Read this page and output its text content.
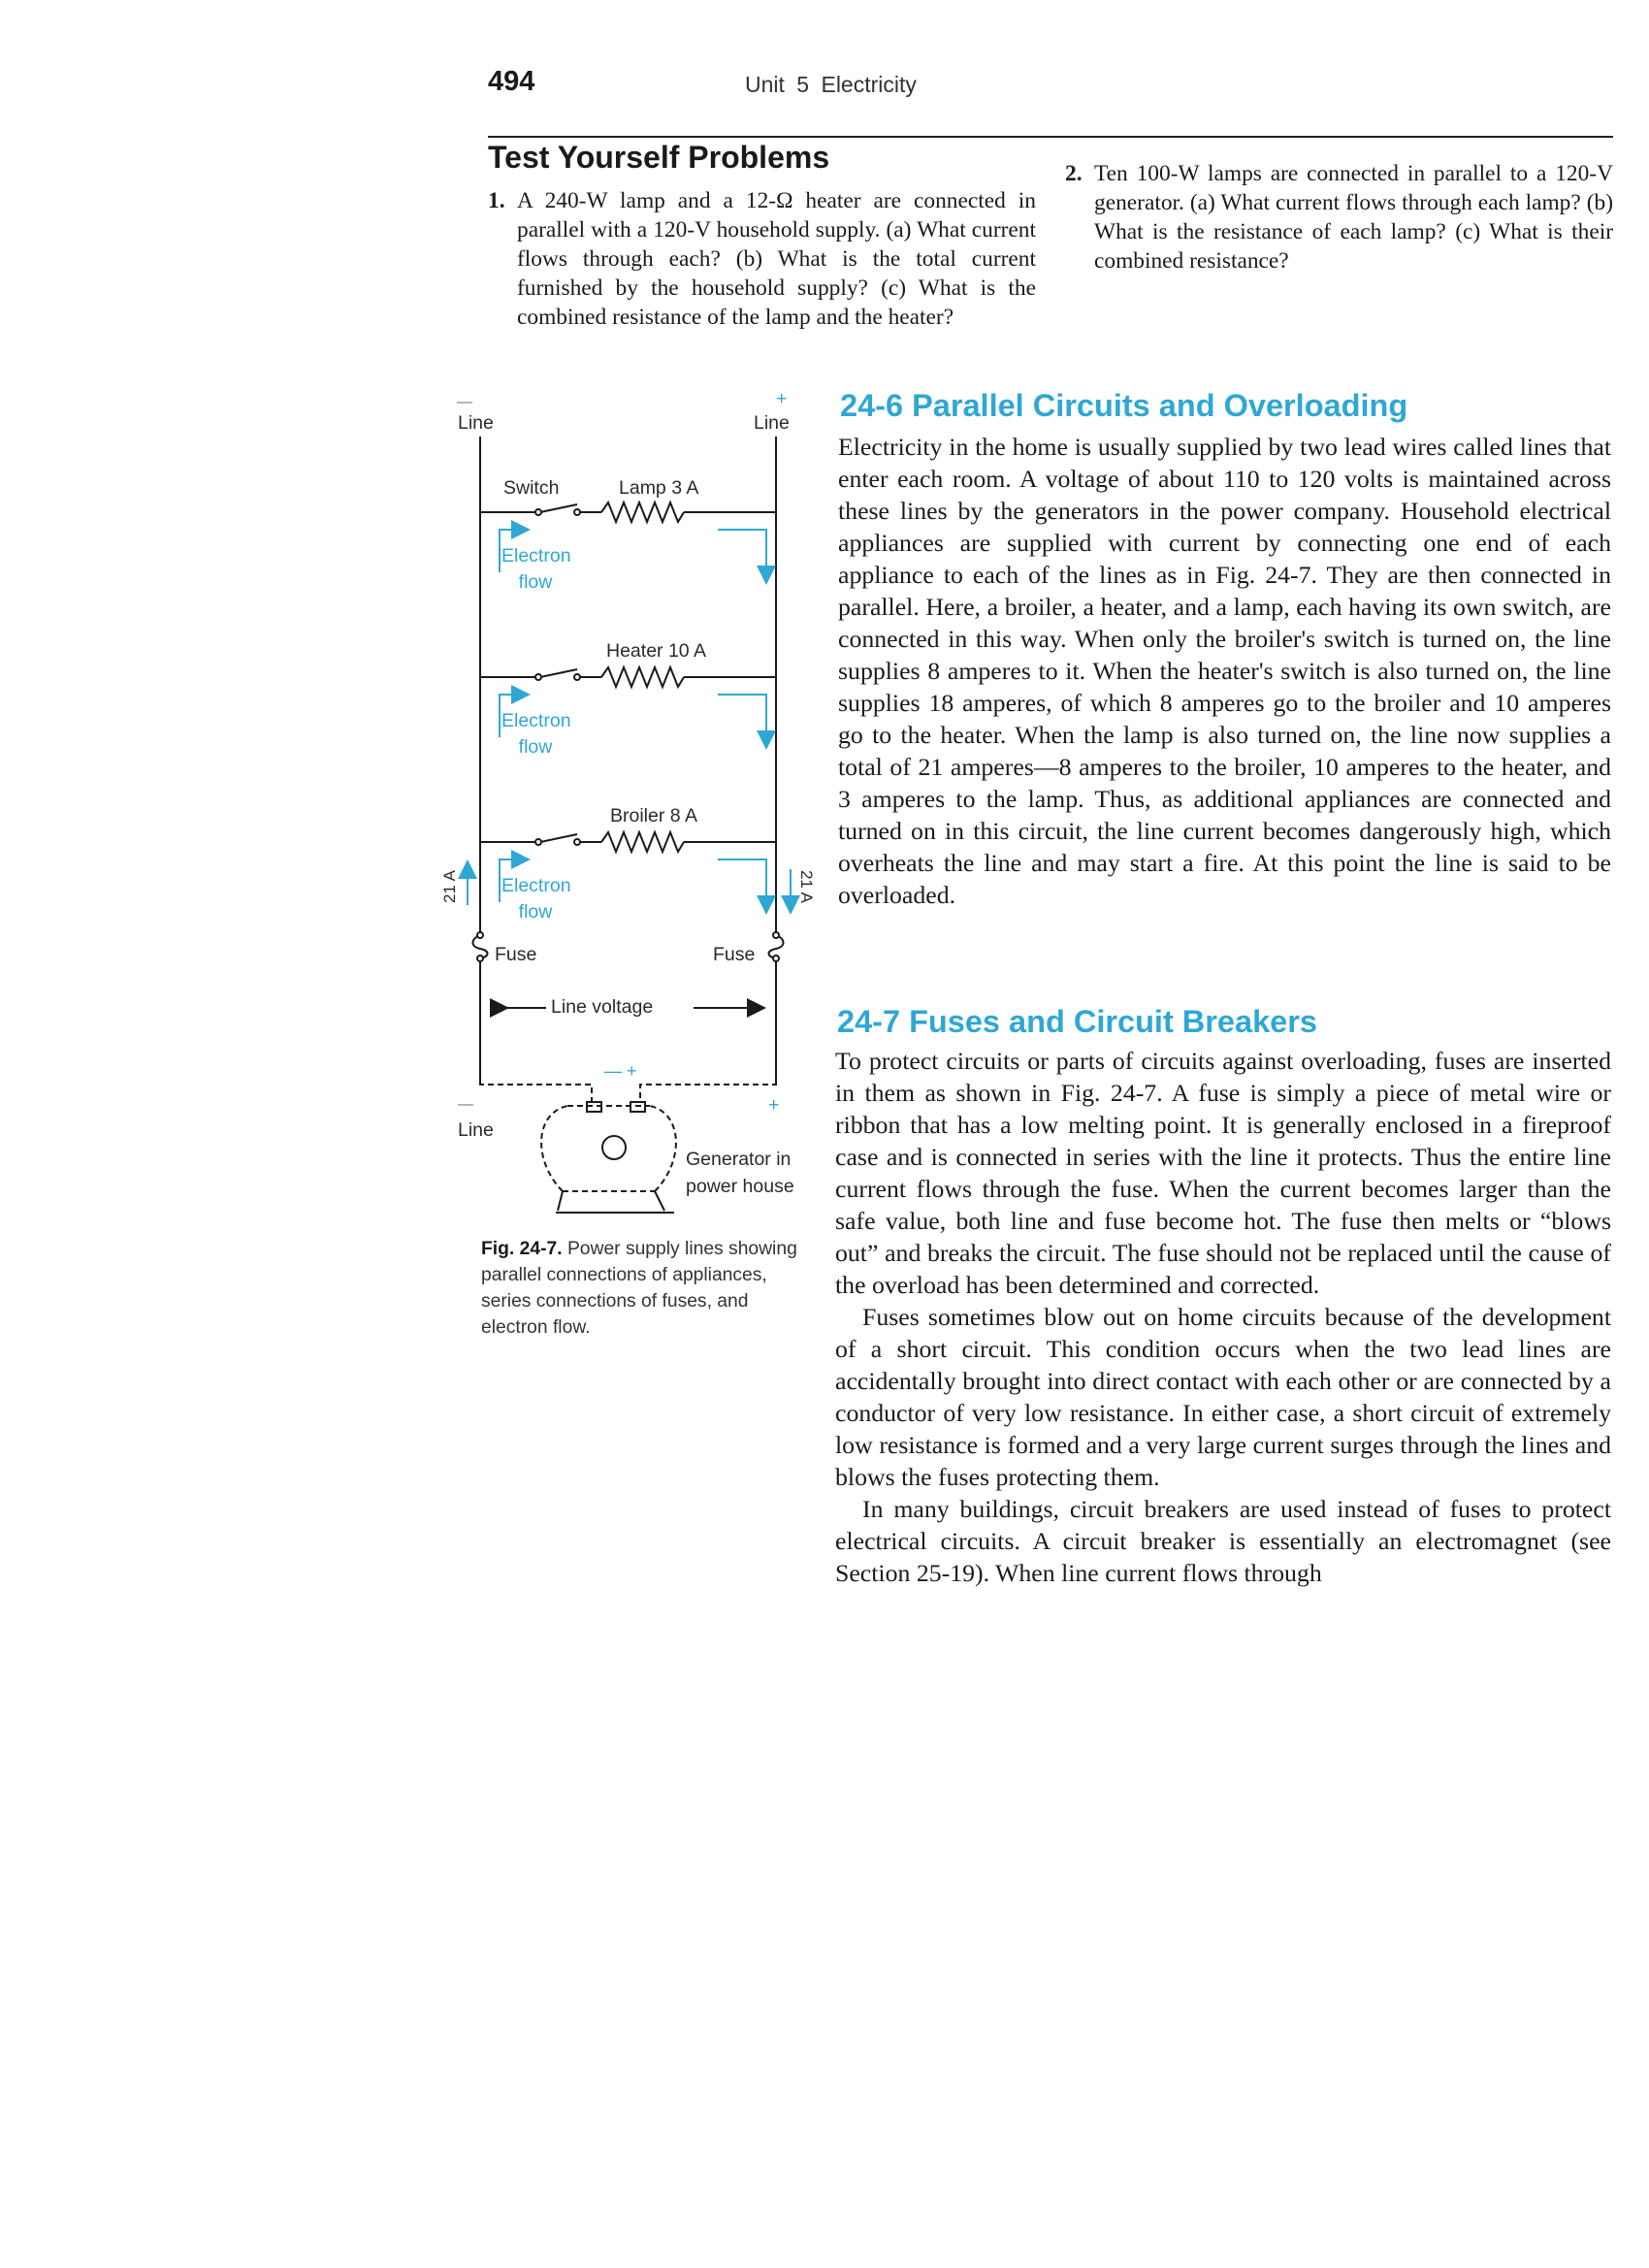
494	Unit 5 Electricity
Test Yourself Problems
1. A 240-W lamp and a 12-Ω heater are connected in parallel with a 120-V household supply. (a) What current flows through each? (b) What is the total current furnished by the household supply? (c) What is the combined resistance of the lamp and the heater?
2. Ten 100-W lamps are connected in parallel to a 120-V generator. (a) What current flows through each lamp? (b) What is the resistance of each lamp? (c) What is their combined resistance?
—	+
Line	Line
Switch	Lamp 3 A
Electron
flow
Heater 10 A
Electron
flow
Broiler 8 A
Electron
flow
21 A	21 A
Fuse	Fuse
Line voltage
— +
—	+
Line
Generator in
power house
Fig. 24-7. Power supply lines showing parallel connections of appliances, series connections of fuses, and electron flow.
24-6 Parallel Circuits and Overloading

Electricity in the home is usually supplied by two lead wires called lines that enter each room. A voltage of about 110 to 120 volts is maintained across these lines by the generators in the power company. Household electrical appliances are supplied with current by connecting one end of each appliance to each of the lines as in Fig. 24-7. They are then connected in parallel. Here, a broiler, a heater, and a lamp, each having its own switch, are connected in this way. When only the broiler's switch is turned on, the line supplies 8 amperes to it. When the heater's switch is also turned on, the line supplies 18 amperes, of which 8 amperes go to the broiler and 10 amperes go to the heater. When the lamp is also turned on, the line now supplies a total of 21 amperes—8 amperes to the broiler, 10 amperes to the heater, and 3 amperes to the lamp. Thus, as additional appliances are connected and turned on in this circuit, the line current becomes dangerously high, which overheats the line and may start a fire. At this point the line is said to be overloaded.

24-7 Fuses and Circuit Breakers

To protect circuits or parts of circuits against overloading, fuses are inserted in them as shown in Fig. 24-7. A fuse is simply a piece of metal wire or ribbon that has a low melting point. It is generally enclosed in a fireproof case and is connected in series with the line it protects. Thus the entire line current flows through the fuse. When the current becomes larger than the safe value, both line and fuse become hot. The fuse then melts or “blows out” and breaks the circuit. The fuse should not be replaced until the cause of the overload has been determined and corrected.

Fuses sometimes blow out on home circuits because of the development of a short circuit. This condition occurs when the two lead lines are accidentally brought into direct contact with each other or are connected by a conductor of very low resistance. In either case, a short circuit of extremely low resistance is formed and a very large current surges through the lines and blows the fuses protecting them.

In many buildings, circuit breakers are used instead of fuses to protect electrical circuits. A circuit breaker is essentially an electromagnet (see Section 25-19). When line current flows through
